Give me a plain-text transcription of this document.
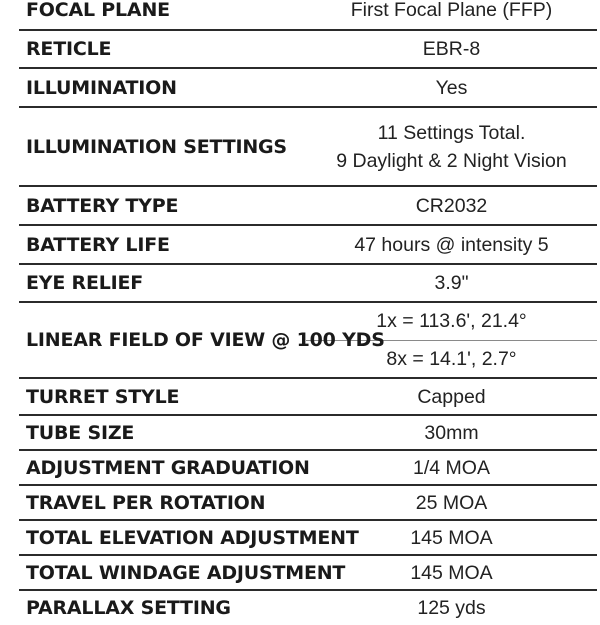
FOCAL PLANE	First Focal Plane (FFP)
RETICLE	EBR-8
ILLUMINATION	Yes
ILLUMINATION SETTINGS	11 Settings Total.
9 Daylight & 2 Night Vision

BATTERY TYPE	CR2032
BATTERY LIFE	47 hours @ intensity 5
EYE RELIEF	3.9"
LINEAR FIELD OF VIEW @ 100 YDS	1x = 113.6', 21.4°
	8x = 14.1', 2.7°
TURRET STYLE	Capped
TUBE SIZE	30mm
ADJUSTMENT GRADUATION	1/4 MOA
TRAVEL PER ROTATION	25 MOA
TOTAL ELEVATION ADJUSTMENT	145 MOA
TOTAL WINDAGE ADJUSTMENT	145 MOA
PARALLAX SETTING	125 yds
